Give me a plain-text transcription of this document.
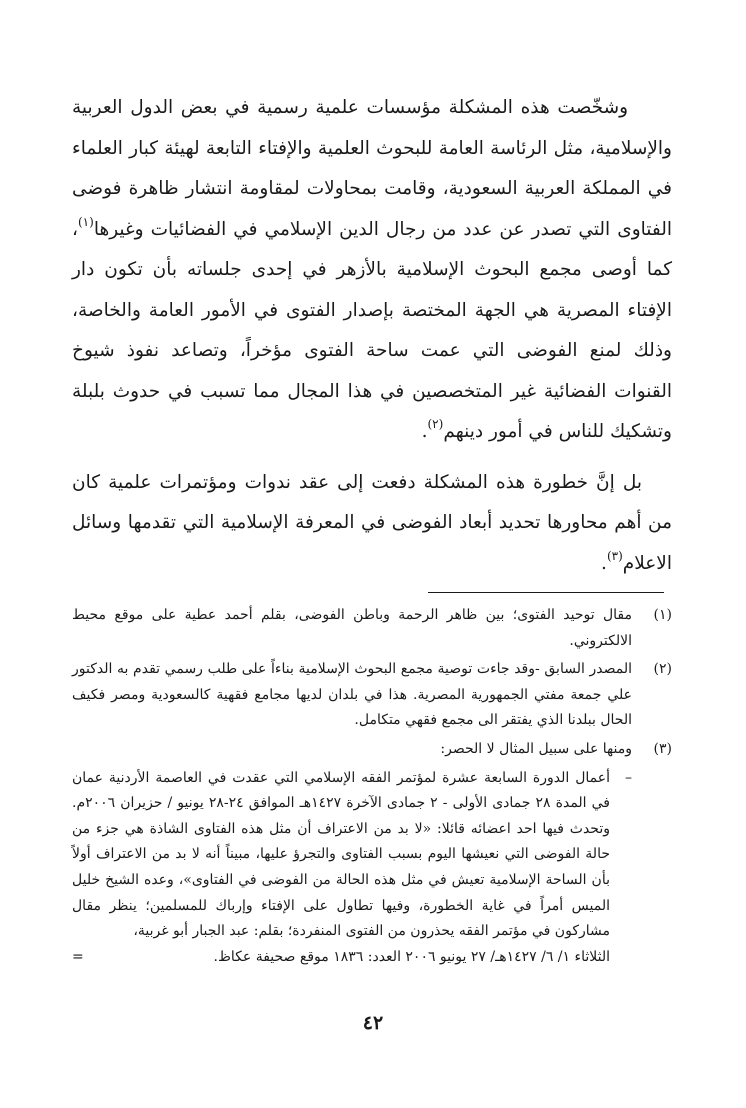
وشخّصت هذه المشكلة مؤسسات علمية رسمية في بعض الدول العربية والإسلامية، مثل الرئاسة العامة للبحوث العلمية والإفتاء التابعة لهيئة كبار العلماء في المملكة العربية السعودية، وقامت بمحاولات لمقاومة انتشار ظاهرة فوضى الفتاوى التي تصدر عن عدد من رجال الدين الإسلامي في الفضائيات وغيرها$^{(١)}$، كما أوصى مجمع البحوث الإسلامية بالأزهر في إحدى جلساته بأن تكون دار الإفتاء المصرية هي الجهة المختصة بإصدار الفتوى في الأمور العامة والخاصة، وذلك لمنع الفوضى التي عمت ساحة الفتوى مؤخراً، وتصاعد نفوذ شيوخ القنوات الفضائية غير المتخصصين في هذا المجال مما تسبب في حدوث بلبلة وتشكيك للناس في أمور دينهم$^{(٢)}$.

بل إنَّ خطورة هذه المشكلة دفعت إلى عقد ندوات ومؤتمرات علمية كان من أهم محاورها تحديد أبعاد الفوضى في المعرفة الإسلامية التي تقدمها وسائل الاعلام$^{(٣)}$.

(١)
مقال توحيد الفتوى؛ بين ظاهر الرحمة وباطن الفوضى، بقلم أحمد عطية على موقع محيط الالكتروني.
(٢)
المصدر السابق -وقد جاءت توصية مجمع البحوث الإسلامية بناءاً على طلب رسمي تقدم به الدكتور علي جمعة مفتي الجمهورية المصرية. هذا في بلدان لديها مجامع فقهية كالسعودية ومصر فكيف الحال ببلدنا الذي يفتقر الى مجمع فقهي متكامل.
(٣)
ومنها على سبيل المثال لا الحصر:
–
أعمال الدورة السابعة عشرة لمؤتمر الفقه الإسلامي التي عقدت في العاصمة الأردنية عمان في المدة ٢٨ جمادى الأولى - ٢ جمادى الآخرة ١٤٢٧هـ الموافق ٢٤-٢٨ يونيو / حزيران ٢٠٠٦م. وتحدث فيها احد اعضائه قائلا: «لا بد من الاعتراف أن مثل هذه الفتاوى الشاذة هي جزء من حالة الفوضى التي نعيشها اليوم بسبب الفتاوى والتجرؤ عليها، مبيناً أنه لا بد من الاعتراف أولاً بأن الساحة الإسلامية تعيش في مثل هذه الحالة من الفوضى في الفتاوى»، وعده الشيخ خليل الميس أمراً في غاية الخطورة، وفيها تطاول على الإفتاء وإرباك للمسلمين؛ ينظر مقال مشاركون في مؤتمر الفقه يحذرون من الفتوى المنفردة؛ بقلم: عبد الجبار أبو غربية،
الثلاثاء ١/ ٦/ ١٤٢٧هـ/ ٢٧ يونيو ٢٠٠٦ العدد: ١٨٣٦ موقع صحيفة عكاظ.
=
٤٢
